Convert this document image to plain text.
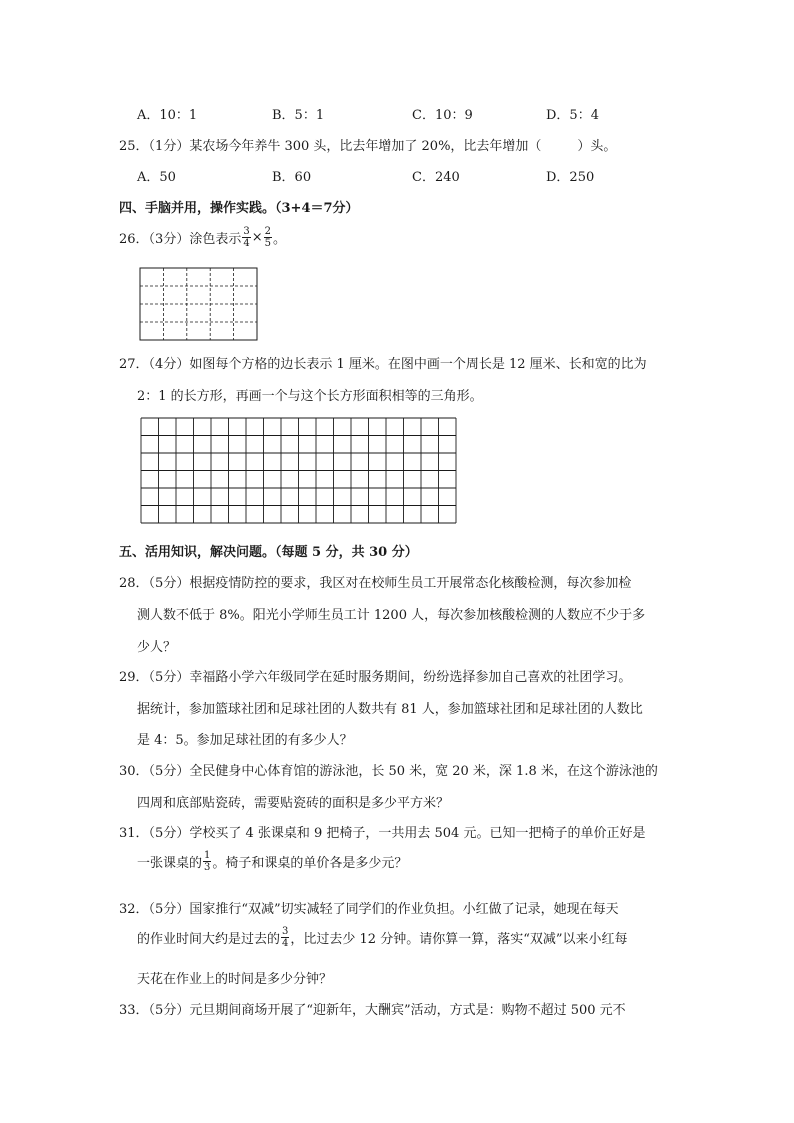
A．10：1	B．5：1	C．10：9	D．5：4
25．（1分）某农场今年养牛 300 头，比去年增加了 20%，比去年增加（	）头。
A．50	B．60	C．240	D．250
四、手脑并用，操作实践。（3+4＝7分）
26．（3分）涂色表示 $\frac{3}{4} \times \frac{2}{5}$ 。
27．（4分）如图每个方格的边长表示 1 厘米。在图中画一个周长是 12 厘米、长和宽的比为
2：1 的长方形，再画一个与这个长方形面积相等的三角形。
五、活用知识，解决问题。（每题 5 分，共 30 分）
28．（5分）根据疫情防控的要求，我区对在校师生员工开展常态化核酸检测，每次参加检
测人数不低于 8%。阳光小学师生员工计 1200 人，每次参加核酸检测的人数应不少于多
少人？
29．（5分）幸福路小学六年级同学在延时服务期间，纷纷选择参加自己喜欢的社团学习。
据统计，参加篮球社团和足球社团的人数共有 81 人，参加篮球社团和足球社团的人数比
是 4：5。参加足球社团的有多少人？
30．（5分）全民健身中心体育馆的游泳池，长 50 米，宽 20 米，深 1.8 米，在这个游泳池的
四周和底部贴瓷砖，需要贴瓷砖的面积是多少平方米？
31．（5分）学校买了 4 张课桌和 9 把椅子，一共用去 504 元。已知一把椅子的单价正好是
一张课桌的 $\frac{1}{3}$ 。椅子和课桌的单价各是多少元？
32．（5分）国家推行“双减”切实减轻了同学们的作业负担。小红做了记录，她现在每天
的作业时间大约是过去的 $\frac{3}{4}$ ，比过去少 12 分钟。请你算一算，落实“双减”以来小红每
天花在作业上的时间是多少分钟？
33．（5分）元旦期间商场开展了“迎新年，大酬宾”活动，方式是：购物不超过 500 元不
